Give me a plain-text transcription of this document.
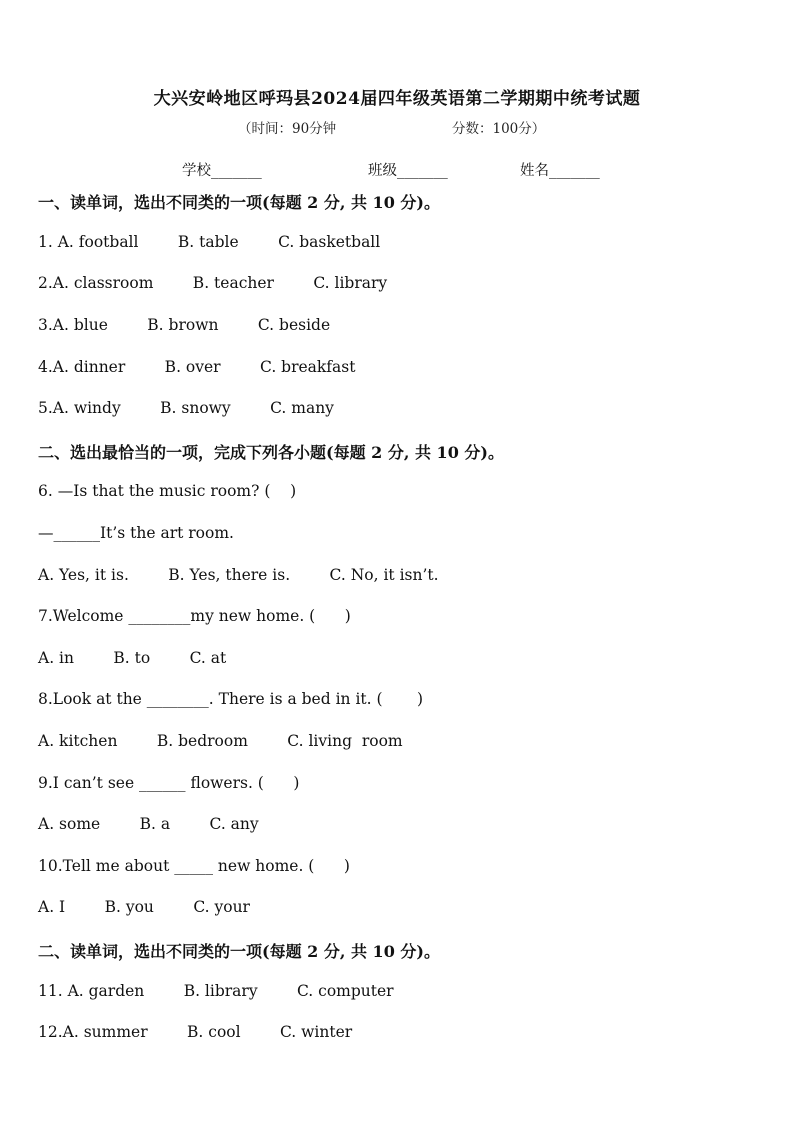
大兴安岭地区呼玛县2024届四年级英语第二学期期中统考试题
（时间：90分钟	分数：100分）
学校_______	班级_______	姓名_______
一、读单词，选出不同类的一项(每题 2 分, 共 10 分)。
1. A. football        B. table        C. basketball
2.A. classroom        B. teacher        C. library
3.A. blue        B. brown        C. beside
4.A. dinner        B. over        C. breakfast
5.A. windy        B. snowy        C. many
二、选出最恰当的一项，完成下列各小题(每题 2 分, 共 10 分)。
6. —Is that the music room? (    )
—______It’s the art room.
A. Yes, it is.        B. Yes, there is.        C. No, it isn’t.
7.Welcome ________my new home. (      )
A. in        B. to        C. at
8.Look at the ________. There is a bed in it. (       )
A. kitchen        B. bedroom        C. living  room
9.I can’t see ______ flowers. (      )
A. some        B. a        C. any
10.Tell me about _____ new home. (      )
A. I        B. you        C. your
二、读单词，选出不同类的一项(每题 2 分, 共 10 分)。
11. A. garden        B. library        C. computer
12.A. summer        B. cool        C. winter
